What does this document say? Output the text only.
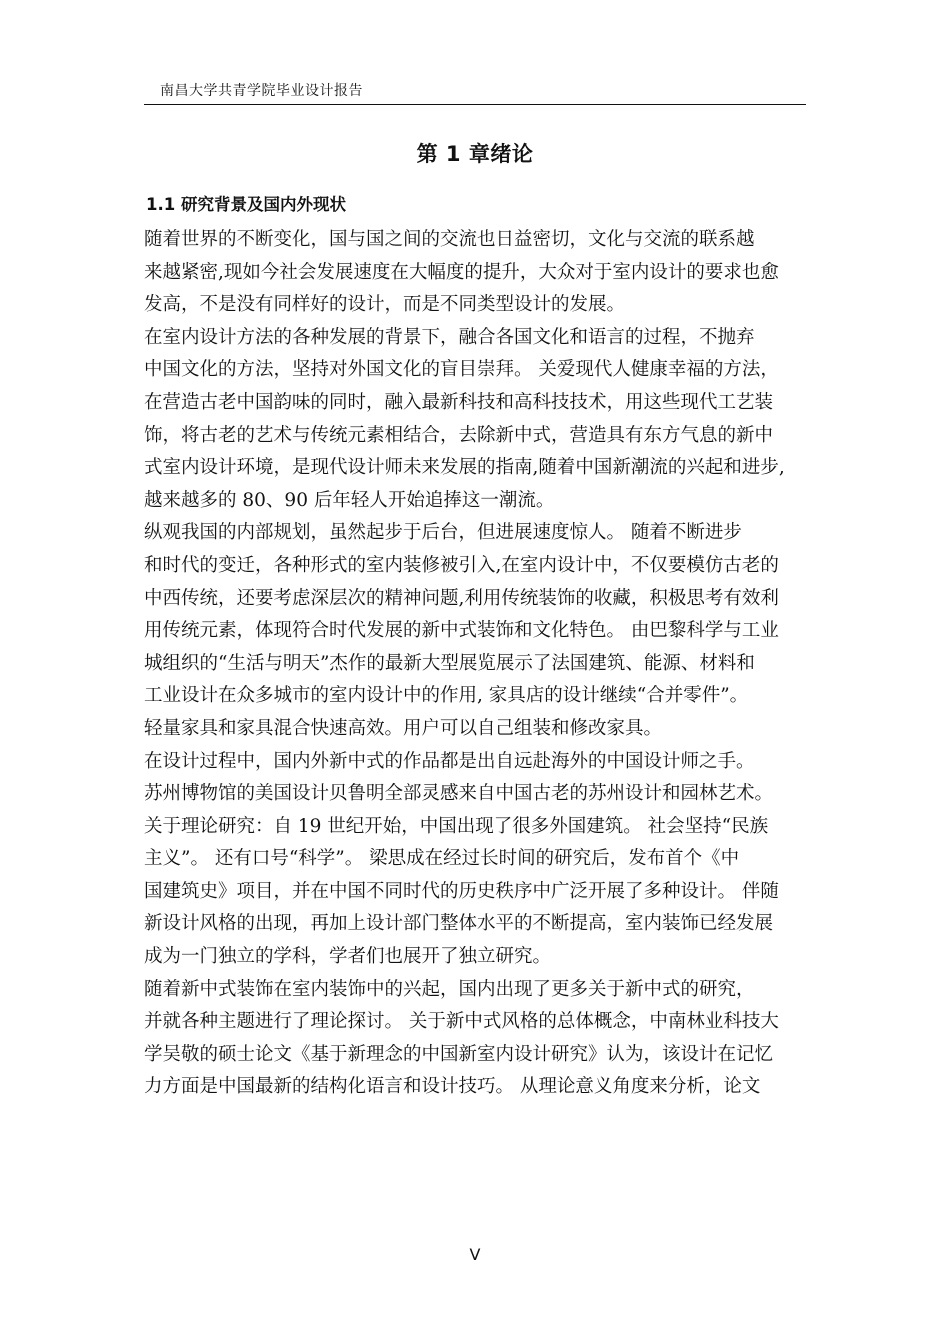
南昌大学共青学院毕业设计报告
第 1 章绪论
1.1 研究背景及国内外现状
随着世界的不断变化，国与国之间的交流也日益密切，文化与交流的联系越
来越紧密,现如今社会发展速度在大幅度的提升，大众对于室内设计的要求也愈
发高，不是没有同样好的设计，而是不同类型设计的发展。
在室内设计方法的各种发展的背景下，融合各国文化和语言的过程，不抛弃
中国文化的方法，坚持对外国文化的盲目崇拜。 关爱现代人健康幸福的方法，
在营造古老中国韵味的同时，融入最新科技和高科技技术，用这些现代工艺装
饰，将古老的艺术与传统元素相结合，去除新中式，营造具有东方气息的新中
式室内设计环境，是现代设计师未来发展的指南,随着中国新潮流的兴起和进步,
越来越多的 80、90 后年轻人开始追捧这一潮流。
纵观我国的内部规划，虽然起步于后台，但进展速度惊人。 随着不断进步
和时代的变迁，各种形式的室内装修被引入,在室内设计中，不仅要模仿古老的
中西传统，还要考虑深层次的精神问题,利用传统装饰的收藏，积极思考有效利
用传统元素，体现符合时代发展的新中式装饰和文化特色。 由巴黎科学与工业
城组织的“生活与明天”杰作的最新大型展览展示了法国建筑、能源、材料和
工业设计在众多城市的室内设计中的作用, 家具店的设计继续“合并零件”。
轻量家具和家具混合快速高效。用户可以自己组装和修改家具。
在设计过程中，国内外新中式的作品都是出自远赴海外的中国设计师之手。
苏州博物馆的美国设计贝鲁明全部灵感来自中国古老的苏州设计和园林艺术。
关于理论研究：自 19 世纪开始，中国出现了很多外国建筑。 社会坚持“民族
主义”。 还有口号“科学”。 梁思成在经过长时间的研究后，发布首个《中
国建筑史》项目，并在中国不同时代的历史秩序中广泛开展了多种设计。 伴随
新设计风格的出现，再加上设计部门整体水平的不断提高，室内装饰已经发展
成为一门独立的学科，学者们也展开了独立研究。
随着新中式装饰在室内装饰中的兴起，国内出现了更多关于新中式的研究，
并就各种主题进行了理论探讨。 关于新中式风格的总体概念，中南林业科技大
学吴敬的硕士论文《基于新理念的中国新室内设计研究》认为，该设计在记忆
力方面是中国最新的结构化语言和设计技巧。 从理论意义角度来分析，论文
V
